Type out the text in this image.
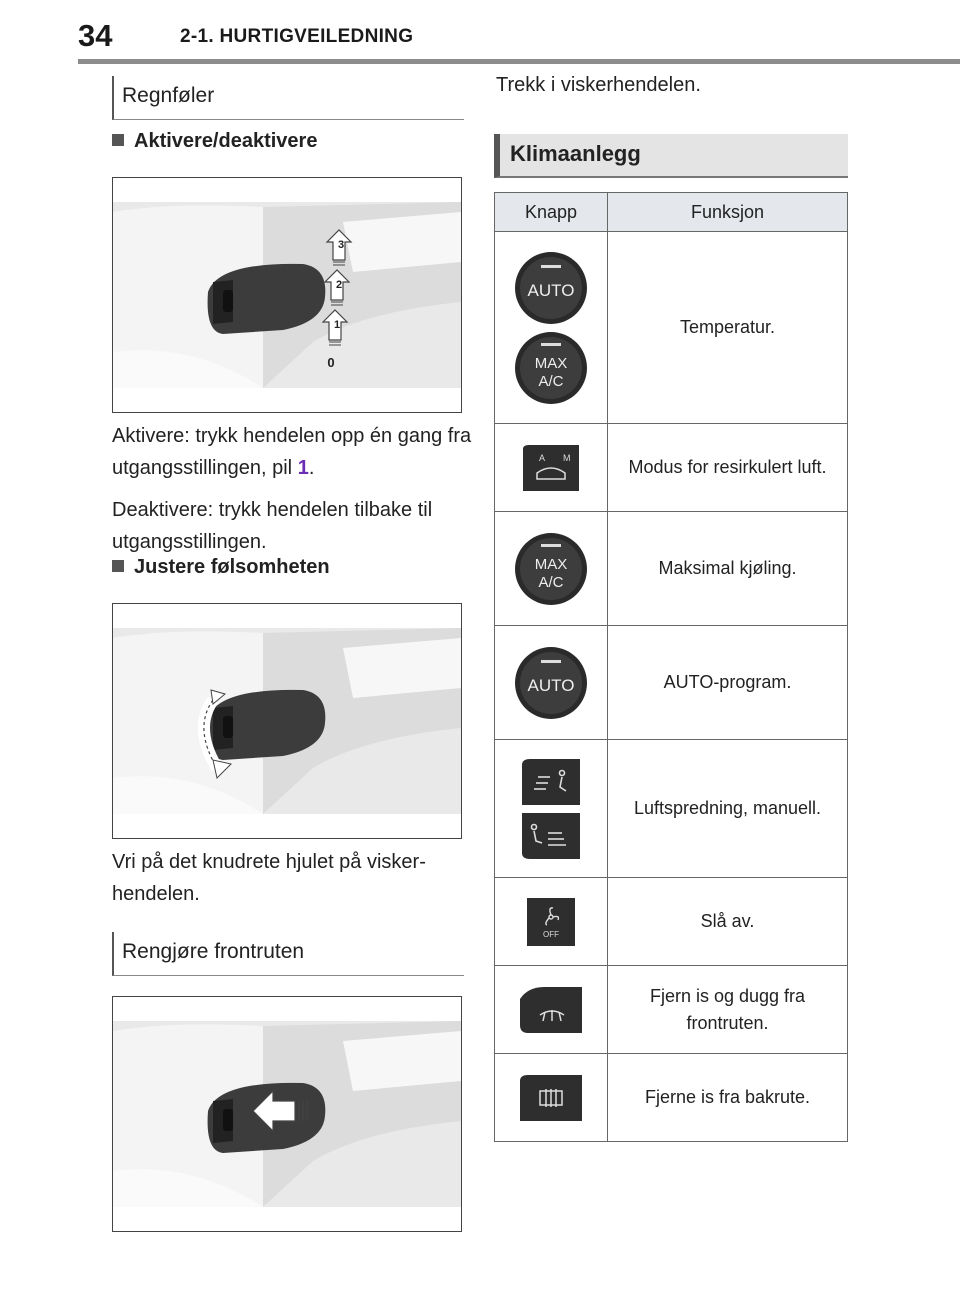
34	2-1. HURTIGVEILEDNING
Regnføler
Aktivere/deaktivere
3
2
1
0

Aktivere: trykk hendelen opp én gang fra utgangsstillingen, pil 1.

Deaktivere: trykk hendelen tilbake til utgangsstillingen.

Justere følsomheten

Vri på det knudrete hjulet på visker-hendelen.

Rengjøre frontruten
Trekk i viskerhendelen.
Klimaanlegg
Knapp	Funksjon

AUTO
MAX
A/C	Temperatur.

A M	Modus for resirkulert luft.

MAX
A/C	Maksimal kjøling.

AUTO	AUTO-program.

	Luftspredning, manuell.

OFF	Slå av.

	Fjern is og dugg fra frontruten.

	Fjerne is fra bakrute.
